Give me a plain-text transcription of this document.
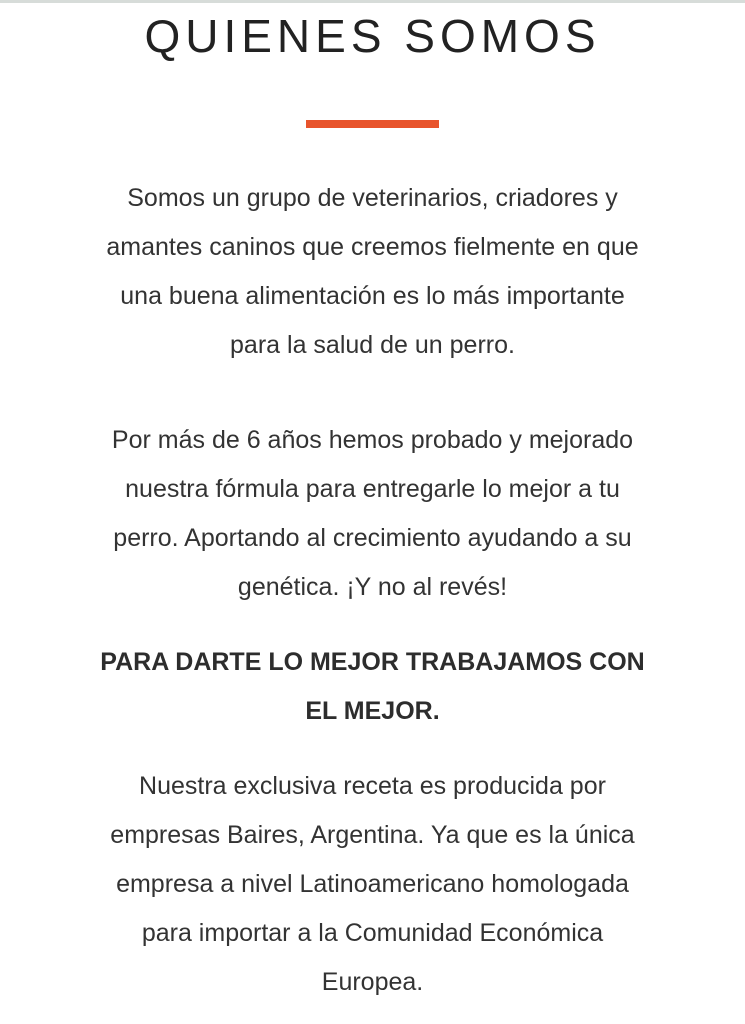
QUIENES SOMOS

Somos un grupo de veterinarios, criadores y amantes caninos que creemos fielmente en que una buena alimentación es lo más importante para la salud de un perro.

Por más de 6 años hemos probado y mejorado nuestra fórmula para entregarle lo mejor a tu perro. Aportando al crecimiento ayudando a su genética. ¡Y no al revés!

PARA DARTE LO MEJOR TRABAJAMOS CON EL MEJOR.

Nuestra exclusiva receta es producida por empresas Baires, Argentina. Ya que es la única empresa a nivel Latinoamericano homologada para importar a la Comunidad Económica Europea.
